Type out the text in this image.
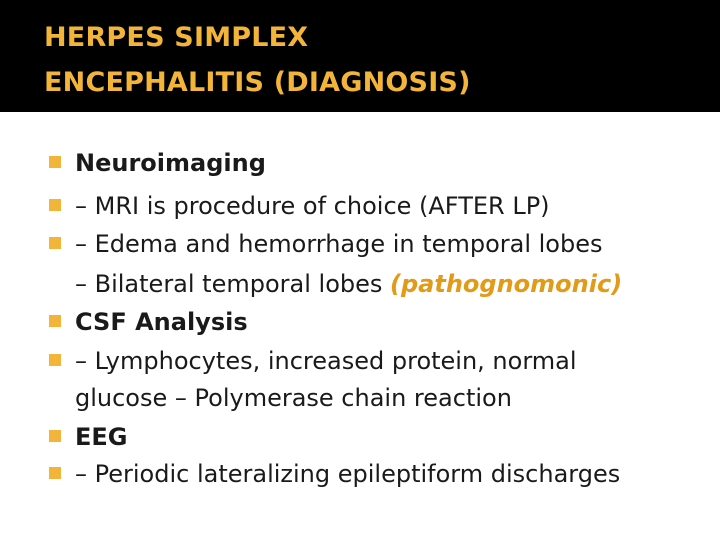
HERPES SIMPLEX
ENCEPHALITIS (DIAGNOSIS)
Neuroimaging
– MRI is procedure of choice (AFTER LP)
– Edema and hemorrhage in temporal lobes
– Bilateral temporal lobes (pathognomonic)
CSF Analysis
– Lymphocytes, increased protein, normal
glucose – Polymerase chain reaction
EEG
– Periodic lateralizing epileptiform discharges
